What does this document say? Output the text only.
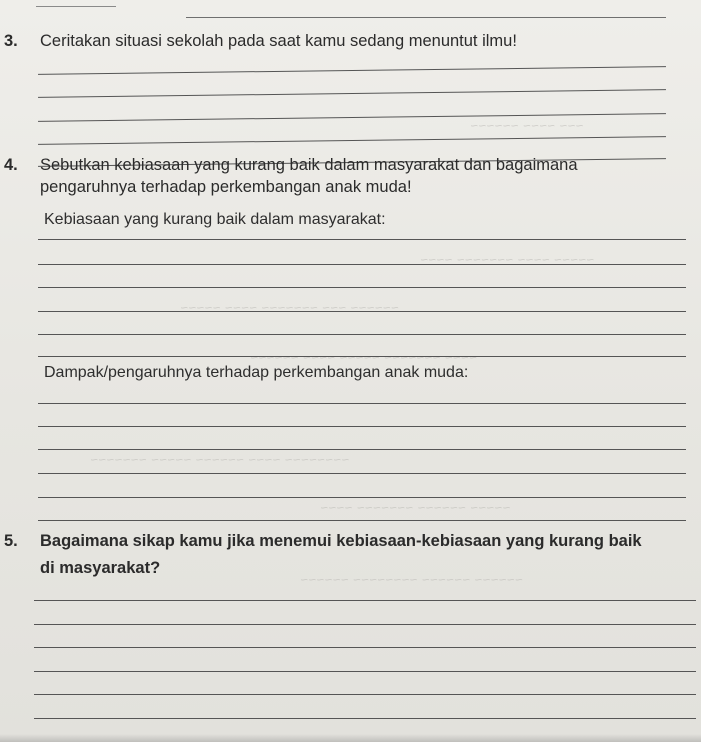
~~~ ~~~~ ~~~~~~
~~~~~ ~~~~ ~~~~~~~ ~~~~
~~~~~~ ~~~ ~~~~~~~ ~~~~ ~~~~~
~~~~ ~~~~~~~ ~~~~~ ~~~~ ~~~~~~
~~~~~~~~ ~~~~ ~~~~~~ ~~~~~ ~~~~~~~
~~~~~ ~~~~~~ ~~~~~~~ ~~~~
~~~~~~ ~~~~~~ ~~~~~~~~ ~~~~~~
3. Ceritakan situasi sekolah pada saat kamu sedang menuntut ilmu!
4. Sebutkan kebiasaan yang kurang baik dalam masyarakat dan bagaimana
pengaruhnya terhadap perkembangan anak muda!
Kebiasaan yang kurang baik dalam masyarakat:
Dampak/pengaruhnya terhadap perkembangan anak muda:
5. Bagaimana sikap kamu jika menemui kebiasaan-kebiasaan yang kurang baik
di masyarakat?
